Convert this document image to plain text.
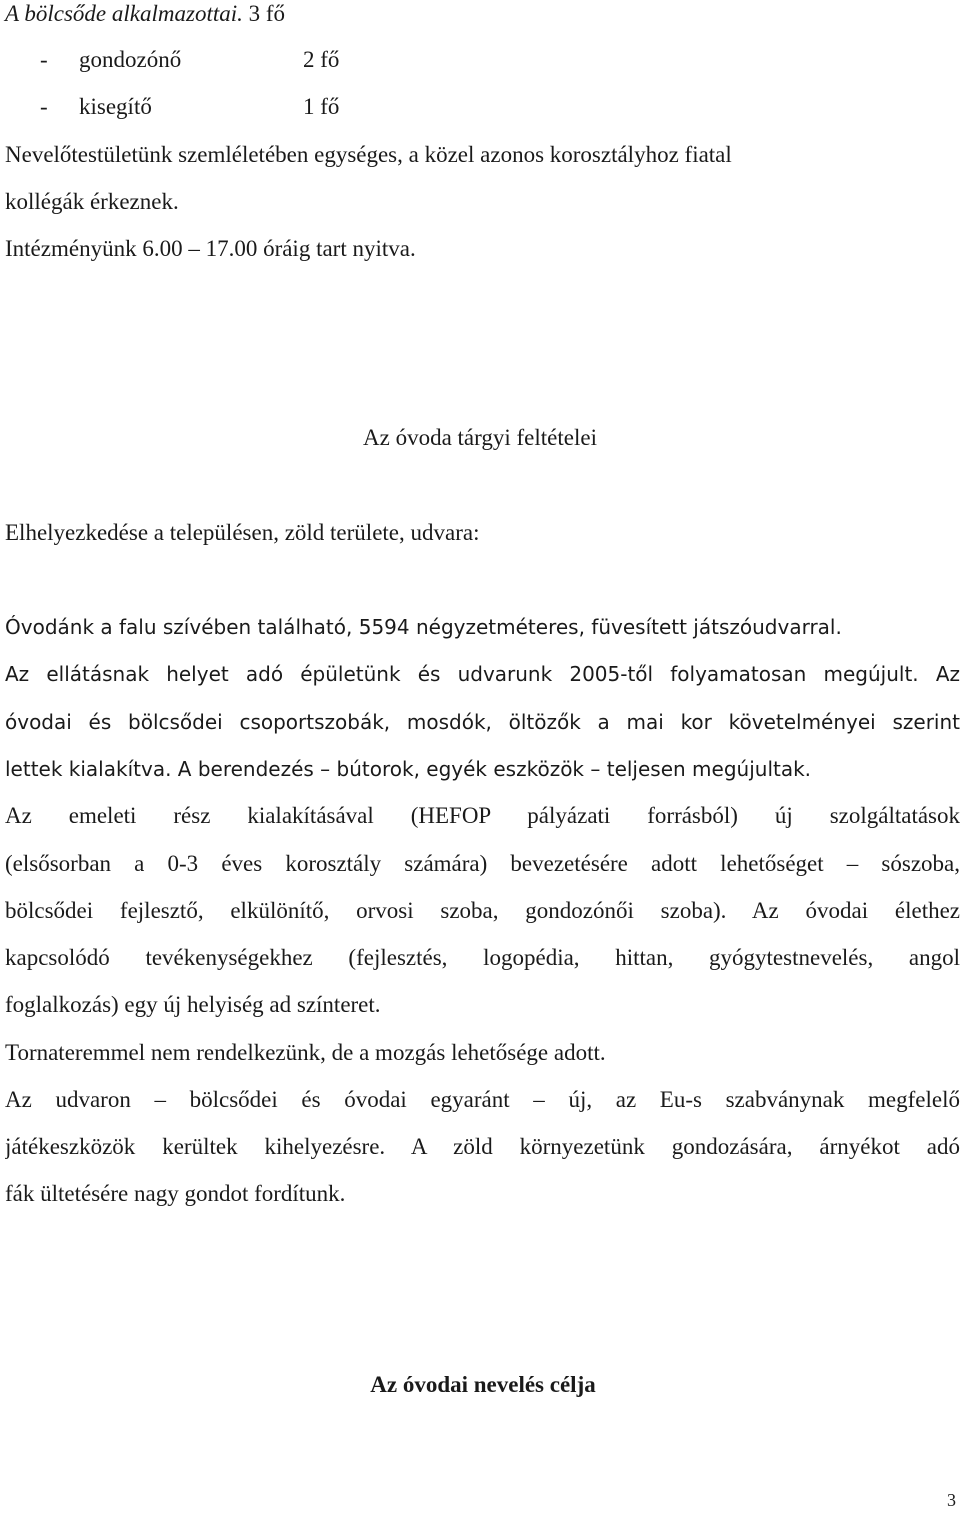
A bölcsőde alkalmazottai. 3 fő
- gondozónő	2 fő
- kisegítő	1 fő
Nevelőtestületünk szemléletében egységes, a közel azonos korosztályhoz fiatal
kollégák érkeznek.
Intézményünk 6.00 – 17.00 óráig tart nyitva.
Az óvoda tárgyi feltételei
Elhelyezkedése a településen, zöld területe, udvara:
Óvodánk a falu szívében található, 5594 négyzetméteres, füvesített játszóudvarral.
Az ellátásnak helyet adó épületünk és udvarunk 2005-től folyamatosan megújult. Az
óvodai és bölcsődei csoportszobák, mosdók, öltözők a mai kor követelményei szerint
lettek kialakítva. A berendezés – bútorok, egyék eszközök – teljesen megújultak.
Az emeleti rész kialakításával (HEFOP pályázati forrásból) új szolgáltatások
(elsősorban a 0-3 éves korosztály számára) bevezetésére adott lehetőséget – sószoba,
bölcsődei fejlesztő, elkülönítő, orvosi szoba, gondozónői szoba). Az óvodai élethez
kapcsolódó tevékenységekhez (fejlesztés, logopédia, hittan, gyógytestnevelés, angol
foglalkozás) egy új helyiség ad színteret.
Tornateremmel nem rendelkezünk, de a mozgás lehetősége adott.
Az udvaron – bölcsődei és óvodai egyaránt – új, az Eu-s szabványnak megfelelő
játékeszközök kerültek kihelyezésre. A zöld környezetünk gondozására, árnyékot adó
fák ültetésére nagy gondot fordítunk.
Az óvodai nevelés célja
3
